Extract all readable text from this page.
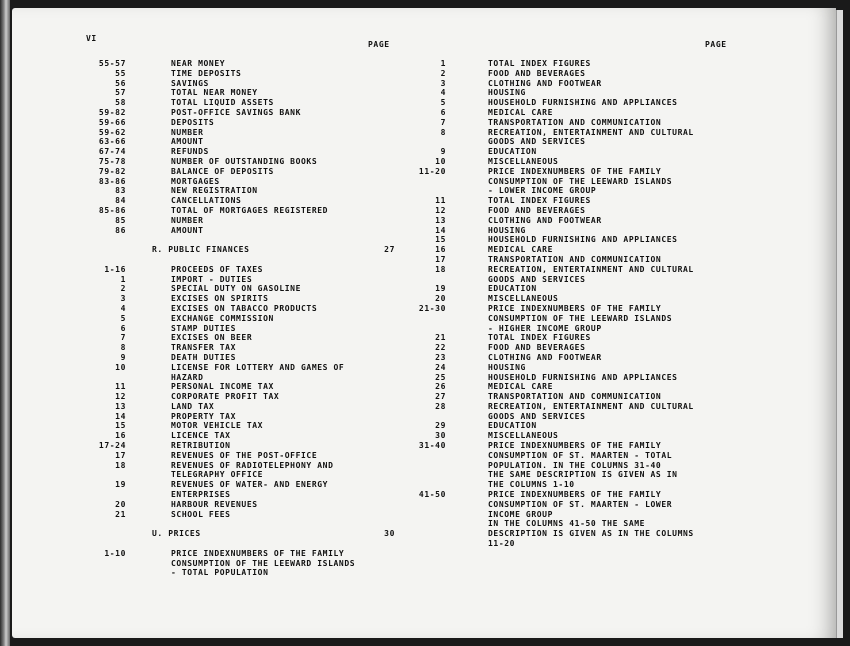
VI
PAGE	PAGE
55-57	NEAR MONEY
55	TIME DEPOSITS
56	SAVINGS
57	TOTAL NEAR MONEY
58	TOTAL LIQUID ASSETS
59-82	POST-OFFICE SAVINGS BANK
59-66	DEPOSITS
59-62	NUMBER
63-66	AMOUNT
67-74	REFUNDS
75-78	NUMBER OF OUTSTANDING BOOKS
79-82	BALANCE OF DEPOSITS
83-86	MORTGAGES
83	NEW REGISTRATION
84	CANCELLATIONS
85-86	TOTAL OF MORTGAGES REGISTERED
85	NUMBER
86	AMOUNT
R. PUBLIC FINANCES	27
1-16	PROCEEDS OF TAXES
1	IMPORT - DUTIES
2	SPECIAL DUTY ON GASOLINE
3	EXCISES ON SPIRITS
4	EXCISES ON TABACCO PRODUCTS
5	EXCHANGE COMMISSION
6	STAMP DUTIES
7	EXCISES ON BEER
8	TRANSFER TAX
9	DEATH DUTIES
10	LICENSE FOR LOTTERY AND GAMES OF
HAZARD
11	PERSONAL INCOME TAX
12	CORPORATE PROFIT TAX
13	LAND TAX
14	PROPERTY TAX
15	MOTOR VEHICLE TAX
16	LICENCE TAX
17-24	RETRIBUTION
17	REVENUES OF THE POST-OFFICE
18	REVENUES OF RADIOTELEPHONY AND
TELEGRAPHY OFFICE
19	REVENUES OF WATER- AND ENERGY
ENTERPRISES
20	HARBOUR REVENUES
21	SCHOOL FEES
U. PRICES	30
1-10	PRICE INDEXNUMBERS OF THE FAMILY
CONSUMPTION OF THE LEEWARD ISLANDS
- TOTAL POPULATION
1	TOTAL INDEX FIGURES
2	FOOD AND BEVERAGES
3	CLOTHING AND FOOTWEAR
4	HOUSING
5	HOUSEHOLD FURNISHING AND APPLIANCES
6	MEDICAL CARE
7	TRANSPORTATION AND COMMUNICATION
8	RECREATION, ENTERTAINMENT AND CULTURAL
GOODS AND SERVICES
9	EDUCATION
10	MISCELLANEOUS
11-20	PRICE INDEXNUMBERS OF THE FAMILY
CONSUMPTION OF THE LEEWARD ISLANDS
- LOWER INCOME GROUP
11	TOTAL INDEX FIGURES
12	FOOD AND BEVERAGES
13	CLOTHING AND FOOTWEAR
14	HOUSING
15	HOUSEHOLD FURNISHING AND APPLIANCES
16	MEDICAL CARE
17	TRANSPORTATION AND COMMUNICATION
18	RECREATION, ENTERTAINMENT AND CULTURAL
GOODS AND SERVICES
19	EDUCATION
20	MISCELLANEOUS
21-30	PRICE INDEXNUMBERS OF THE FAMILY
CONSUMPTION OF THE LEEWARD ISLANDS
- HIGHER INCOME GROUP
21	TOTAL INDEX FIGURES
22	FOOD AND BEVERAGES
23	CLOTHING AND FOOTWEAR
24	HOUSING
25	HOUSEHOLD FURNISHING AND APPLIANCES
26	MEDICAL CARE
27	TRANSPORTATION AND COMMUNICATION
28	RECREATION, ENTERTAINMENT AND CULTURAL
GOODS AND SERVICES
29	EDUCATION
30	MISCELLANEOUS
31-40	PRICE INDEXNUMBERS OF THE FAMILY
CONSUMPTION OF ST. MAARTEN - TOTAL
POPULATION. IN THE COLUMNS 31-40
THE SAME DESCRIPTION IS GIVEN AS IN
THE COLUMNS 1-10
41-50	PRICE INDEXNUMBERS OF THE FAMILY
CONSUMPTION OF ST. MAARTEN - LOWER
INCOME GROUP
IN THE COLUMNS 41-50 THE SAME
DESCRIPTION IS GIVEN AS IN THE COLUMNS
11-20
